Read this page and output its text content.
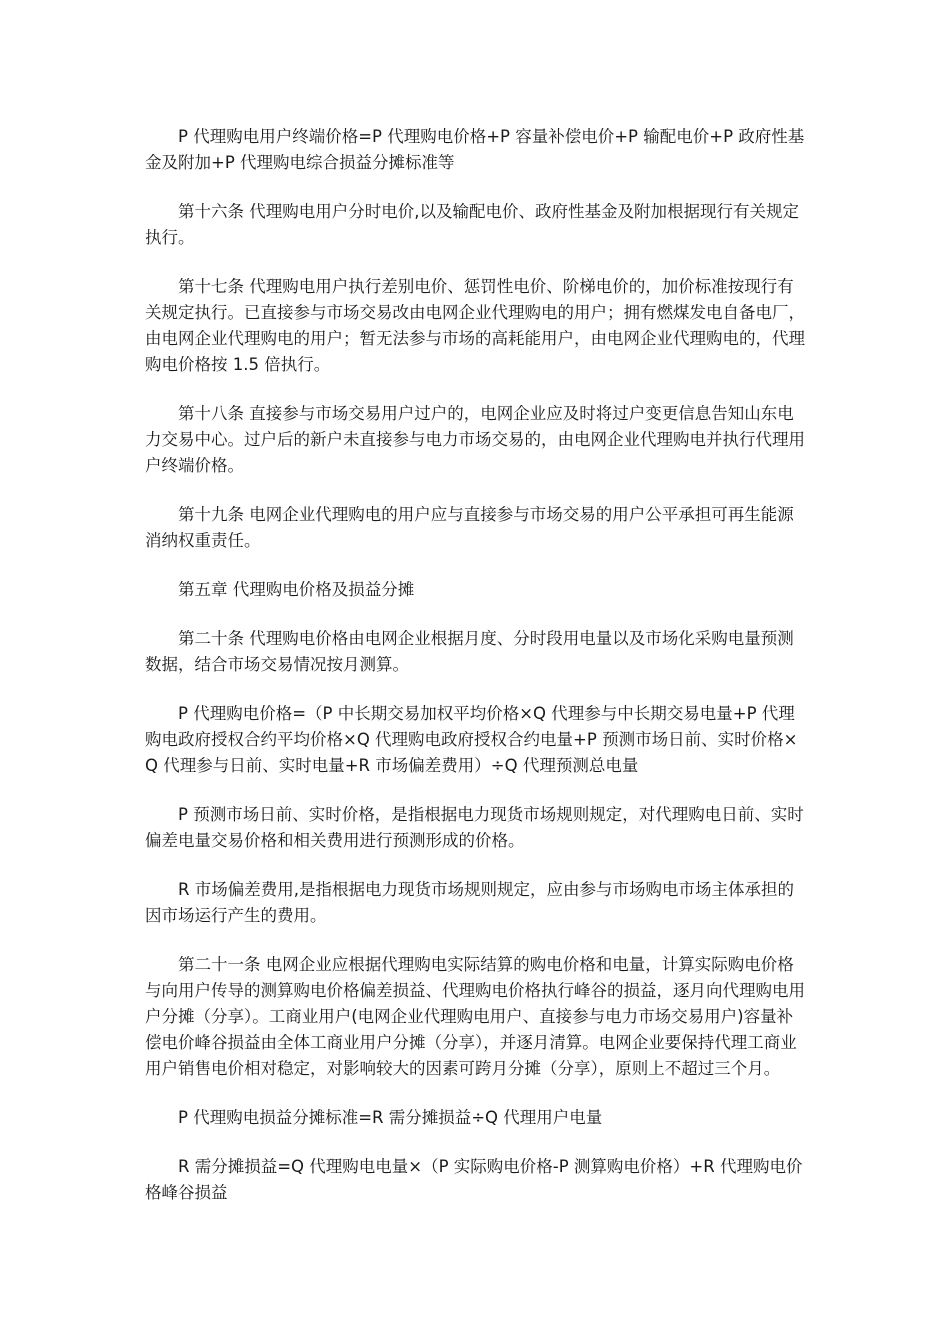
P 代理购电用户终端价格=P 代理购电价格+P 容量补偿电价+P 输配电价+P 政府性基金及附加+P 代理购电综合损益分摊标准等

第十六条 代理购电用户分时电价,以及输配电价、政府性基金及附加根据现行有关规定执行。

第十七条 代理购电用户执行差别电价、惩罚性电价、阶梯电价的，加价标准按现行有关规定执行。已直接参与市场交易改由电网企业代理购电的用户；拥有燃煤发电自备电厂，由电网企业代理购电的用户；暂无法参与市场的高耗能用户，由电网企业代理购电的，代理购电价格按 1.5 倍执行。

第十八条 直接参与市场交易用户过户的，电网企业应及时将过户变更信息告知山东电力交易中心。过户后的新户未直接参与电力市场交易的，由电网企业代理购电并执行代理用户终端价格。

第十九条 电网企业代理购电的用户应与直接参与市场交易的用户公平承担可再生能源消纳权重责任。

第五章 代理购电价格及损益分摊

第二十条 代理购电价格由电网企业根据月度、分时段用电量以及市场化采购电量预测数据，结合市场交易情况按月测算。

P 代理购电价格=（P 中长期交易加权平均价格×Q 代理参与中长期交易电量+P 代理购电政府授权合约平均价格×Q 代理购电政府授权合约电量+P 预测市场日前、实时价格×Q 代理参与日前、实时电量+R 市场偏差费用）÷Q 代理预测总电量

P 预测市场日前、实时价格，是指根据电力现货市场规则规定，对代理购电日前、实时偏差电量交易价格和相关费用进行预测形成的价格。

R 市场偏差费用,是指根据电力现货市场规则规定，应由参与市场购电市场主体承担的因市场运行产生的费用。

第二十一条 电网企业应根据代理购电实际结算的购电价格和电量，计算实际购电价格与向用户传导的测算购电价格偏差损益、代理购电价格执行峰谷的损益，逐月向代理购电用户分摊（分享）。工商业用户(电网企业代理购电用户、直接参与电力市场交易用户)容量补偿电价峰谷损益由全体工商业用户分摊（分享），并逐月清算。电网企业要保持代理工商业用户销售电价相对稳定，对影响较大的因素可跨月分摊（分享），原则上不超过三个月。

P 代理购电损益分摊标准=R 需分摊损益÷Q 代理用户电量

R 需分摊损益=Q 代理购电电量×（P 实际购电价格-P 测算购电价格）+R 代理购电价格峰谷损益
